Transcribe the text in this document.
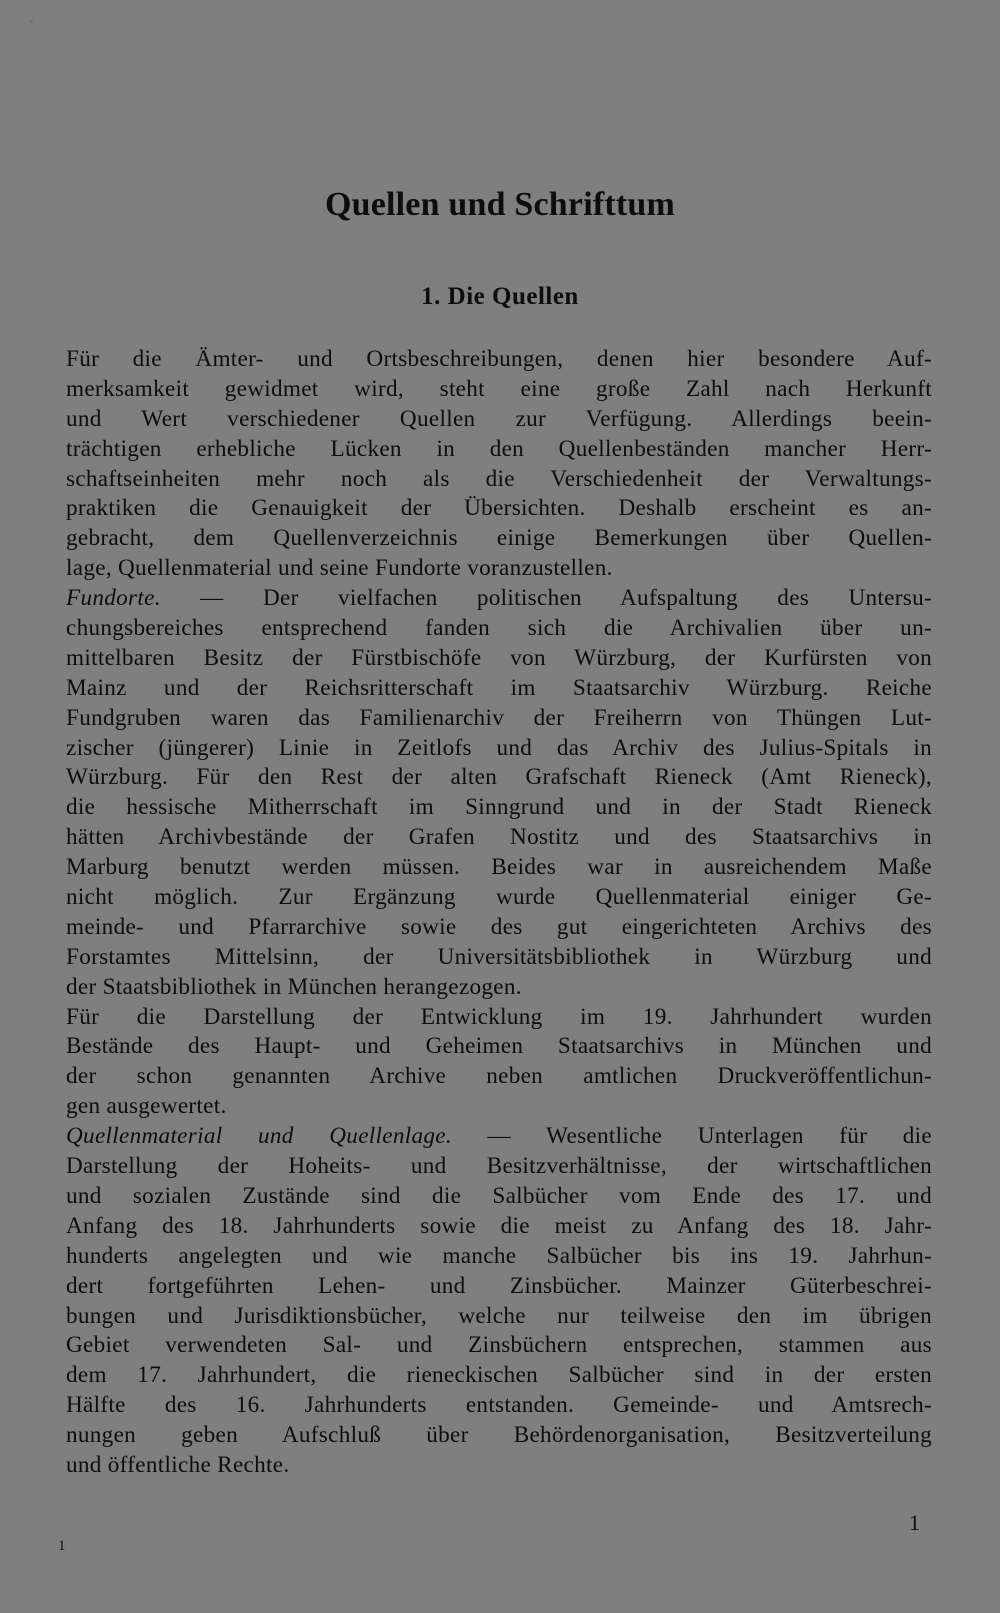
Quellen und Schrifttum
1. Die Quellen
Für die Ämter- und Ortsbeschreibungen, denen hier besondere Auf-
merksamkeit gewidmet wird, steht eine große Zahl nach Herkunft
und Wert verschiedener Quellen zur Verfügung. Allerdings beein-
trächtigen erhebliche Lücken in den Quellenbeständen mancher Herr-
schaftseinheiten mehr noch als die Verschiedenheit der Verwaltungs-
praktiken die Genauigkeit der Übersichten. Deshalb erscheint es an-
gebracht, dem Quellenverzeichnis einige Bemerkungen über Quellen-
lage, Quellenmaterial und seine Fundorte voranzustellen.
Fundorte. — Der vielfachen politischen Aufspaltung des Untersu-
chungsbereiches entsprechend fanden sich die Archivalien über un-
mittelbaren Besitz der Fürstbischöfe von Würzburg, der Kurfürsten von
Mainz und der Reichsritterschaft im Staatsarchiv Würzburg. Reiche
Fundgruben waren das Familienarchiv der Freiherrn von Thüngen Lut-
zischer (jüngerer) Linie in Zeitlofs und das Archiv des Julius-Spitals in
Würzburg. Für den Rest der alten Grafschaft Rieneck (Amt Rieneck),
die hessische Mitherrschaft im Sinngrund und in der Stadt Rieneck
hätten Archivbestände der Grafen Nostitz und des Staatsarchivs in
Marburg benutzt werden müssen. Beides war in ausreichendem Maße
nicht möglich. Zur Ergänzung wurde Quellenmaterial einiger Ge-
meinde- und Pfarrarchive sowie des gut eingerichteten Archivs des
Forstamtes Mittelsinn, der Universitätsbibliothek in Würzburg und
der Staatsbibliothek in München herangezogen.
Für die Darstellung der Entwicklung im 19. Jahrhundert wurden
Bestände des Haupt- und Geheimen Staatsarchivs in München und
der schon genannten Archive neben amtlichen Druckveröffentlichun-
gen ausgewertet.
Quellenmaterial und Quellenlage. — Wesentliche Unterlagen für die
Darstellung der Hoheits- und Besitzverhältnisse, der wirtschaftlichen
und sozialen Zustände sind die Salbücher vom Ende des 17. und
Anfang des 18. Jahrhunderts sowie die meist zu Anfang des 18. Jahr-
hunderts angelegten und wie manche Salbücher bis ins 19. Jahrhun-
dert fortgeführten Lehen- und Zinsbücher. Mainzer Güterbeschrei-
bungen und Jurisdiktionsbücher, welche nur teilweise den im übrigen
Gebiet verwendeten Sal- und Zinsbüchern entsprechen, stammen aus
dem 17. Jahrhundert, die rieneckischen Salbücher sind in der ersten
Hälfte des 16. Jahrhunderts entstanden. Gemeinde- und Amtsrech-
nungen geben Aufschluß über Behördenorganisation, Besitzverteilung
und öffentliche Rechte.
1
1
